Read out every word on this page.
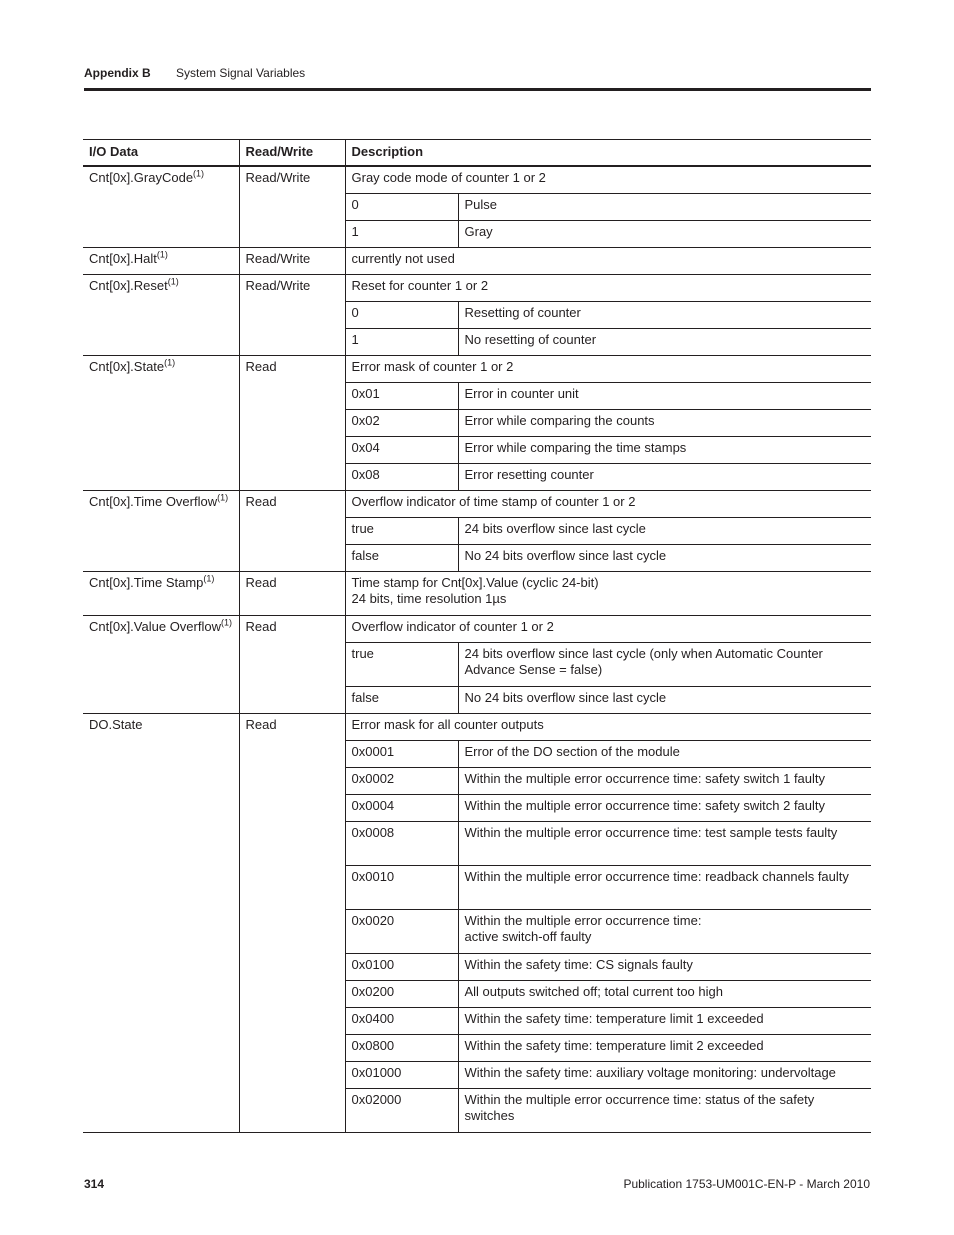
Appendix B System Signal Variables
I/O Data	Read/Write	Description	
Cnt[0x].GrayCode$^{(1)}$	Read/Write	Gray code mode of counter 1 or 2	
		0	Pulse
		1	Gray
Cnt[0x].Halt$^{(1)}$	Read/Write	currently not used	
Cnt[0x].Reset$^{(1)}$	Read/Write	Reset for counter 1 or 2	
		0	Resetting of counter
		1	No resetting of counter
Cnt[0x].State$^{(1)}$	Read	Error mask of counter 1 or 2	
		0x01	Error in counter unit
		0x02	Error while comparing the counts
		0x04	Error while comparing the time stamps
		0x08	Error resetting counter
Cnt[0x].Time Overflow$^{(1)}$	Read	Overflow indicator of time stamp of counter 1 or 2	
		true	24 bits overflow since last cycle
		false	No 24 bits overflow since last cycle
Cnt[0x].Time Stamp$^{(1)}$	Read	Time stamp for Cnt[0x].Value (cyclic 24-bit)
24 bits, time resolution 1µs	
Cnt[0x].Value Overflow$^{(1)}$	Read	Overflow indicator of counter 1 or 2	
		true	24 bits overflow since last cycle (only when Automatic Counter Advance Sense = false)
		false	No 24 bits overflow since last cycle
DO.State	Read	Error mask for all counter outputs	
		0x0001	Error of the DO section of the module
		0x0002	Within the multiple error occurrence time: safety switch 1 faulty
		0x0004	Within the multiple error occurrence time: safety switch 2 faulty
		0x0008	Within the multiple error occurrence time: test sample tests faulty
		0x0010	Within the multiple error occurrence time: readback channels faulty
		0x0020	Within the multiple error occurrence time:
active switch-off faulty
		0x0100	Within the safety time: CS signals faulty
		0x0200	All outputs switched off; total current too high
		0x0400	Within the safety time: temperature limit 1 exceeded
		0x0800	Within the safety time: temperature limit 2 exceeded
		0x01000	Within the safety time: auxiliary voltage monitoring: undervoltage
		0x02000	Within the multiple error occurrence time: status of the safety switches
314	Publication 1753-UM001C-EN-P - March 2010
